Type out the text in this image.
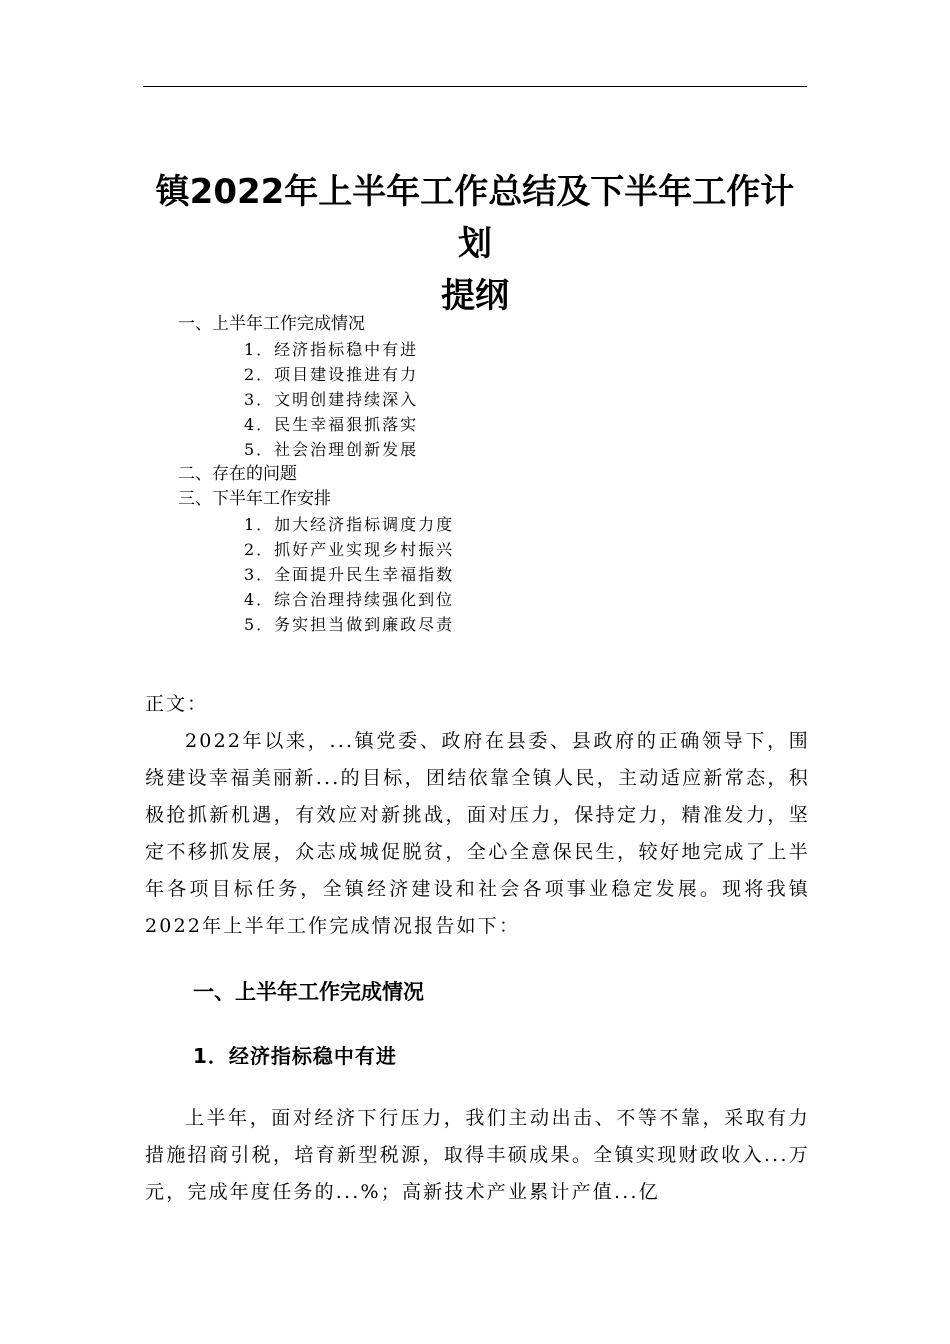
镇2022年上半年工作总结及下半年工作计
划
提纲
一、上半年工作完成情况
1．经济指标稳中有进
2．项目建设推进有力
3．文明创建持续深入
4．民生幸福狠抓落实
5．社会治理创新发展
二、存在的问题
三、下半年工作安排
1．加大经济指标调度力度
2．抓好产业实现乡村振兴
3．全面提升民生幸福指数
4．综合治理持续强化到位
5．务实担当做到廉政尽责

正文：

2022年以来，...镇党委、政府在县委、县政府的正确领导下，围绕建设幸福美丽新...的目标，团结依靠全镇人民，主动适应新常态，积极抢抓新机遇，有效应对新挑战，面对压力，保持定力，精准发力，坚定不移抓发展，众志成城促脱贫，全心全意保民生，较好地完成了上半年各项目标任务，全镇经济建设和社会各项事业稳定发展。现将我镇2022年上半年工作完成情况报告如下：

一、上半年工作完成情况
1．经济指标稳中有进

上半年，面对经济下行压力，我们主动出击、不等不靠，采取有力措施招商引税，培育新型税源，取得丰硕成果。全镇实现财政收入...万元，完成年度任务的...%；高新技术产业累计产值...亿
